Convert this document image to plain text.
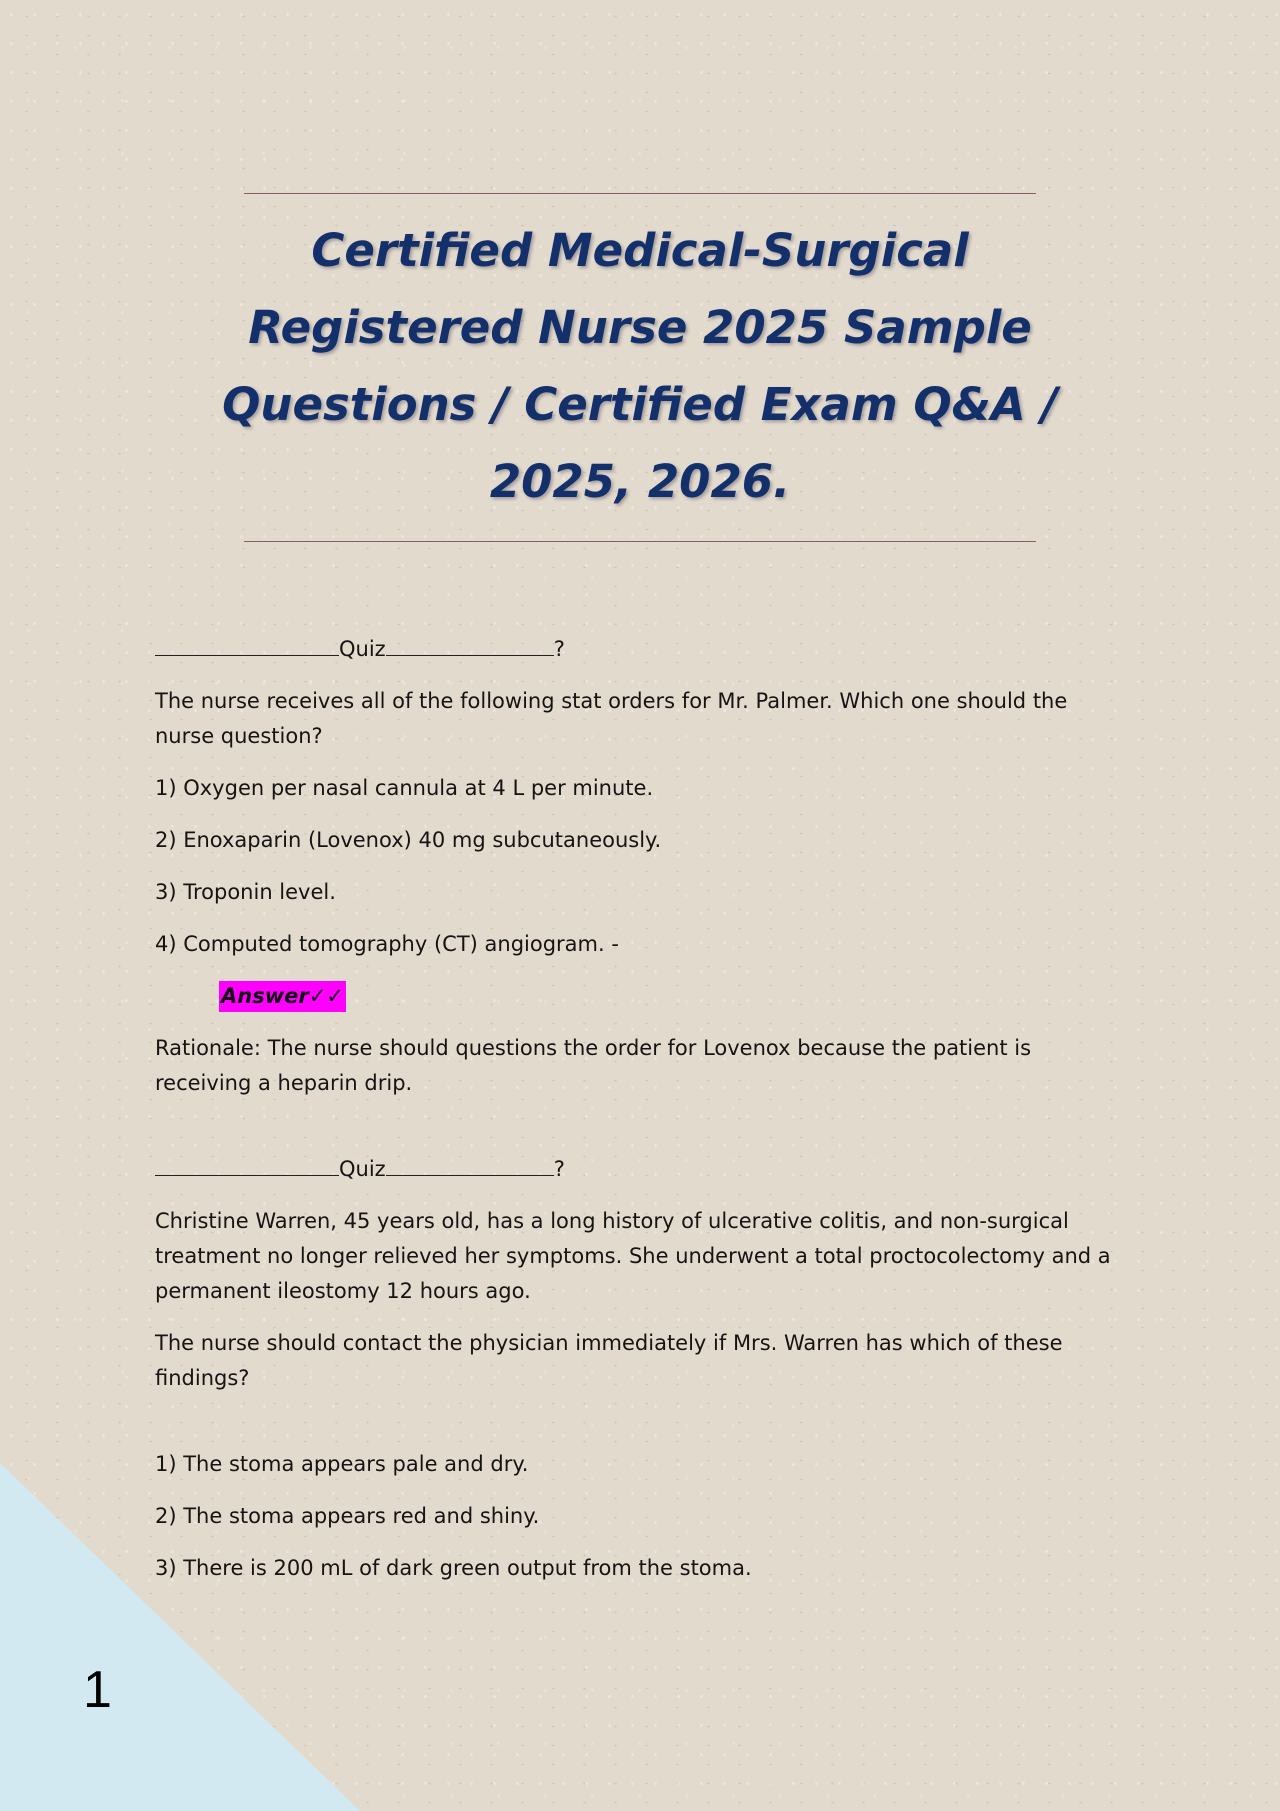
1
Certified Medical-Surgical Registered Nurse 2025 Sample Questions / Certified Exam Q&A / 2025, 2026.
Quiz	?

The nurse receives all of the following stat orders for Mr. Palmer. Which one should the nurse question?

1) Oxygen per nasal cannula at 4 L per minute.

2) Enoxaparin (Lovenox) 40 mg subcutaneously.

3) Troponin level.

4) Computed tomography (CT) angiogram. -

Answer✓✓

Rationale: The nurse should questions the order for Lovenox because the patient is receiving a heparin drip.

Quiz	?

Christine Warren, 45 years old, has a long history of ulcerative colitis, and non-surgical treatment no longer relieved her symptoms. She underwent a total proctocolectomy and a permanent ileostomy 12 hours ago.

The nurse should contact the physician immediately if Mrs. Warren has which of these findings?

1) The stoma appears pale and dry.

2) The stoma appears red and shiny.

3) There is 200 mL of dark green output from the stoma.
